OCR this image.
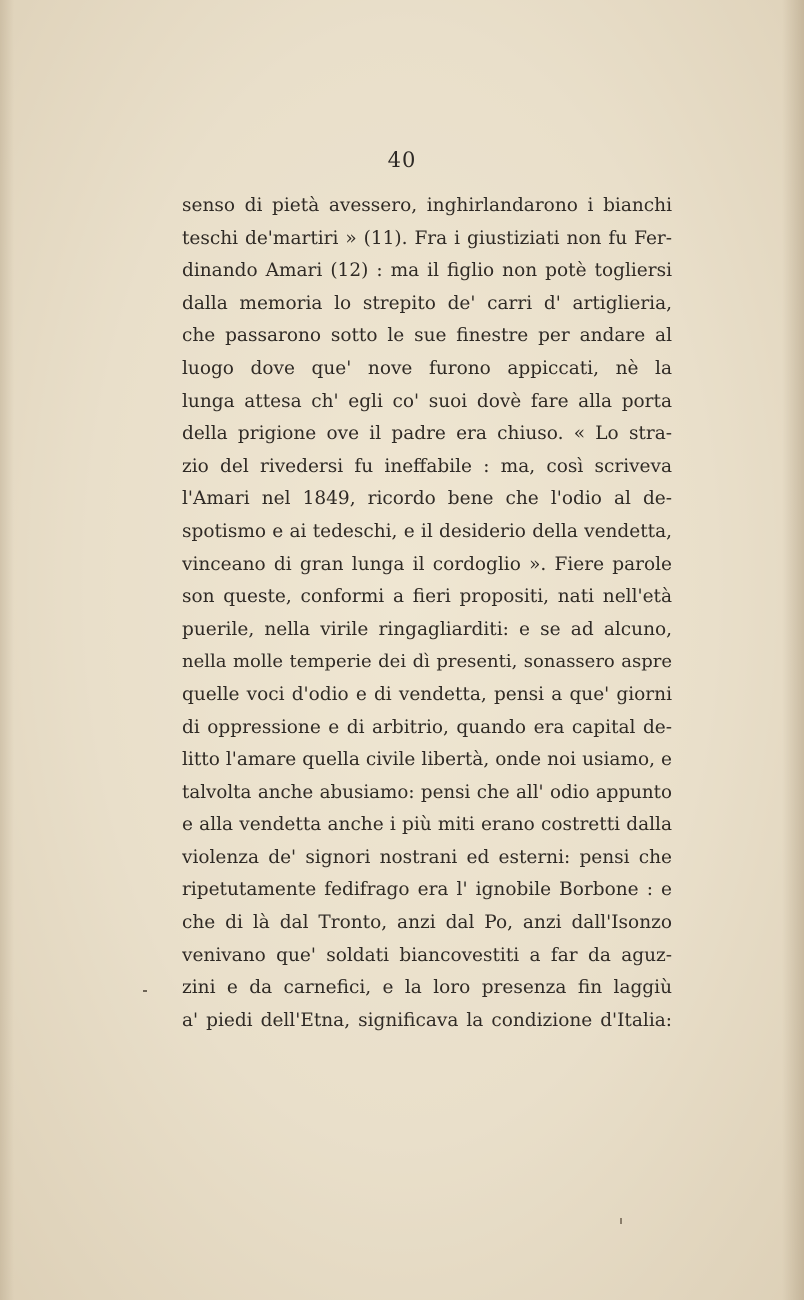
40
senso di pietà avessero, inghirlandarono i bianchi
teschi de'martiri » (11). Fra i giustiziati non fu Fer-
dinando Amari (12) : ma il figlio non potè togliersi
dalla memoria lo strepito de' carri d' artiglieria,
che passarono sotto le sue finestre per andare al
luogo dove que' nove furono appiccati, nè la
lunga attesa ch' egli co' suoi dovè fare alla porta
della prigione ove il padre era chiuso. « Lo stra-
zio del rivedersi fu ineffabile : ma, così scriveva
l'Amari nel 1849, ricordo bene che l'odio al de-
spotismo e ai tedeschi, e il desiderio della vendetta,
vinceano di gran lunga il cordoglio ». Fiere parole
son queste, conformi a fieri propositi, nati nell'età
puerile, nella virile ringagliarditi: e se ad alcuno,
nella molle temperie dei dì presenti, sonassero aspre
quelle voci d'odio e di vendetta, pensi a que' giorni
di oppressione e di arbitrio, quando era capital de-
litto l'amare quella civile libertà, onde noi usiamo, e
talvolta anche abusiamo: pensi che all' odio appunto
e alla vendetta anche i più miti erano costretti dalla
violenza de' signori nostrani ed esterni: pensi che
ripetutamente fedifrago era l' ignobile Borbone : e
che di là dal Tronto, anzi dal Po, anzi dall'Isonzo
venivano que' soldati biancovestiti a far da aguz-
zini e da carnefici, e la loro presenza fin laggiù
a' piedi dell'Etna, significava la condizione d'Italia:
